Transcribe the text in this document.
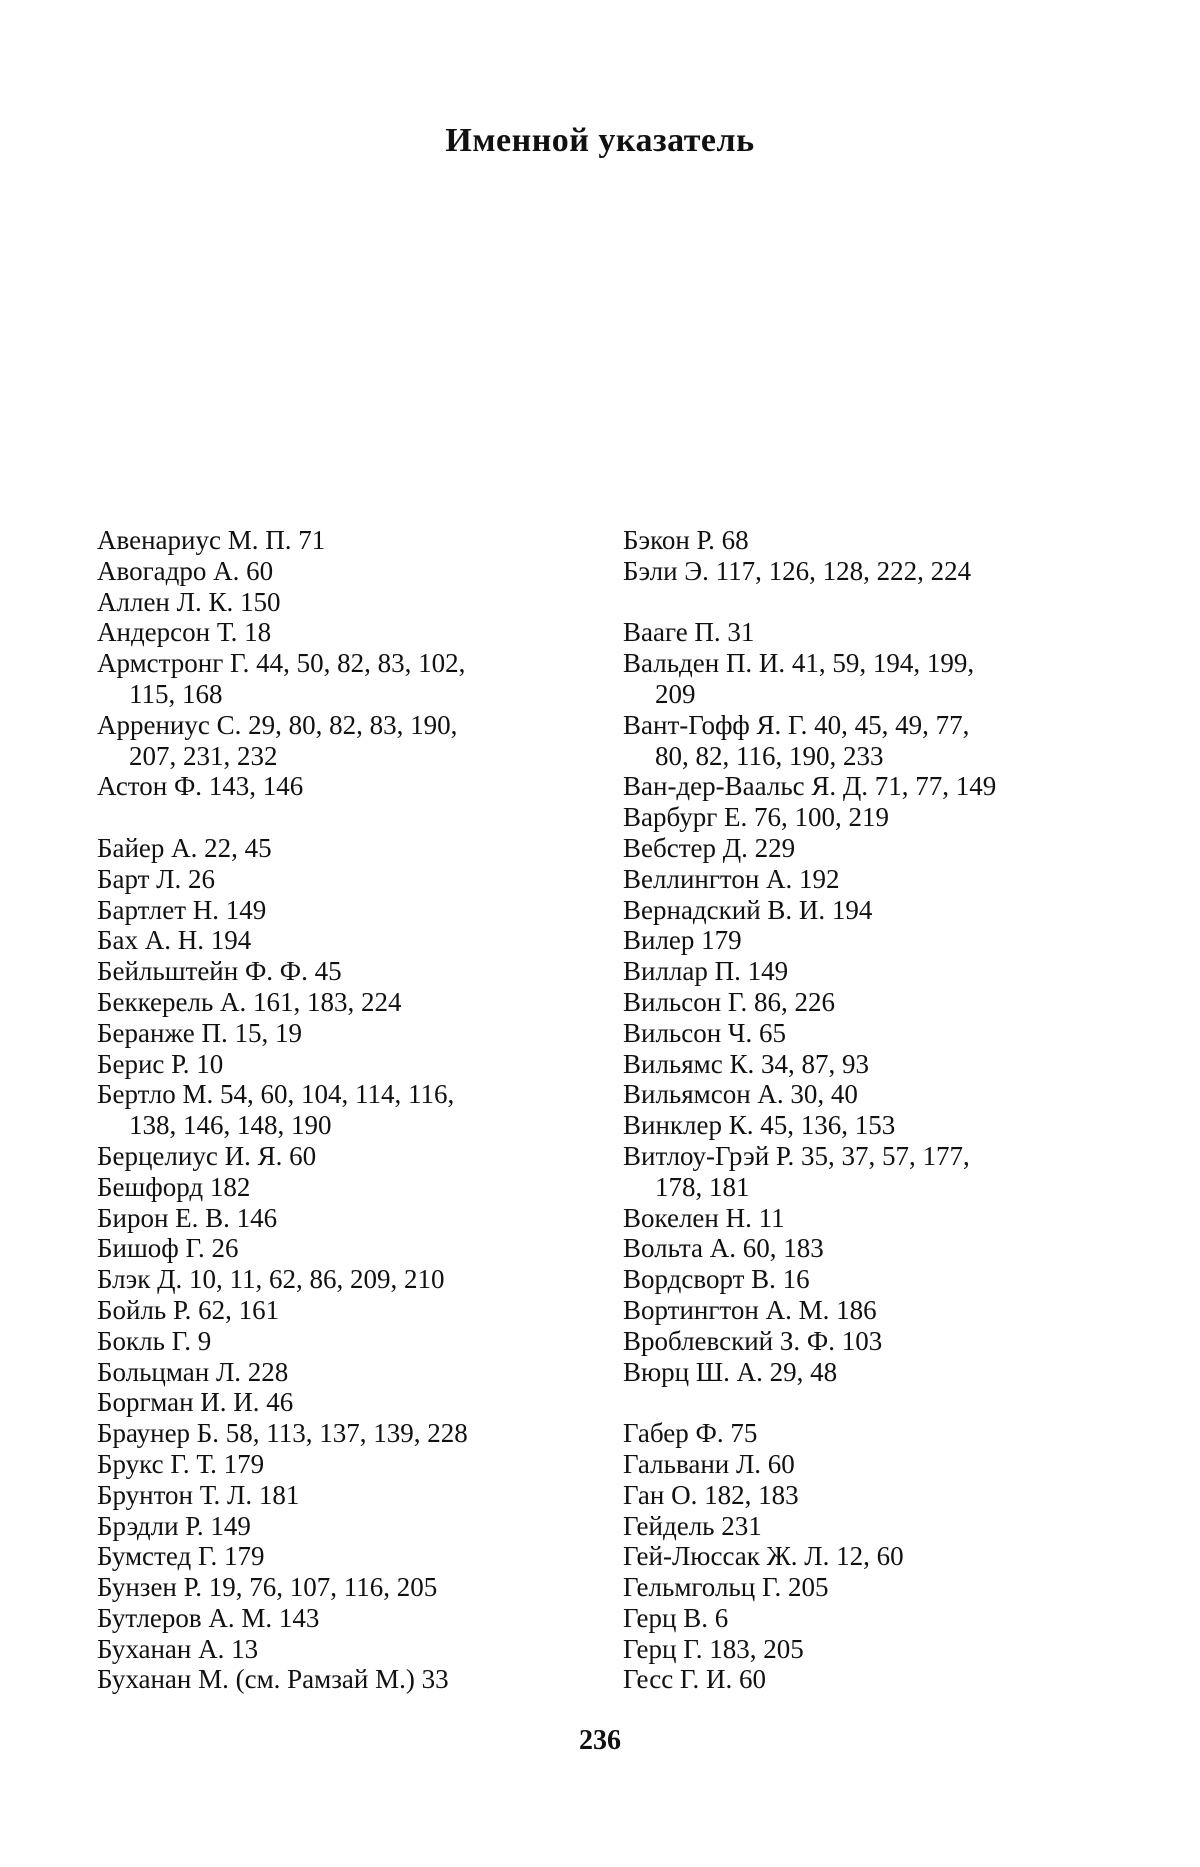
Именной указатель
Авенариус М. П. 71
Авогадро А. 60
Аллен Л. К. 150
Андерсон Т. 18
Армстронг Г. 44, 50, 82, 83, 102,
115, 168
Аррениус С. 29, 80, 82, 83, 190,
207, 231, 232
Астон Ф. 143, 146
Байер А. 22, 45
Барт Л. 26
Бартлет Н. 149
Бах А. Н. 194
Бейльштейн Ф. Ф. 45
Беккерель А. 161, 183, 224
Беранже П. 15, 19
Берис Р. 10
Бертло М. 54, 60, 104, 114, 116,
138, 146, 148, 190
Берцелиус И. Я. 60
Бешфорд 182
Бирон Е. В. 146
Бишоф Г. 26
Блэк Д. 10, 11, 62, 86, 209, 210
Бойль Р. 62, 161
Бокль Г. 9
Больцман Л. 228
Боргман И. И. 46
Браунер Б. 58, 113, 137, 139, 228
Брукс Г. Т. 179
Брунтон Т. Л. 181
Брэдли Р. 149
Бумстед Г. 179
Бунзен Р. 19, 76, 107, 116, 205
Бутлеров А. М. 143
Буханан А. 13
Буханан М. (см. Рамзай М.) 33
Бэкон Р. 68
Бэли Э. 117, 126, 128, 222, 224
Вааге П. 31
Вальден П. И. 41, 59, 194, 199,
209
Вант-Гофф Я. Г. 40, 45, 49, 77,
80, 82, 116, 190, 233
Ван-дер-Ваальс Я. Д. 71, 77, 149
Варбург Е. 76, 100, 219
Вебстер Д. 229
Веллингтон А. 192
Вернадский В. И. 194
Вилер 179
Виллар П. 149
Вильсон Г. 86, 226
Вильсон Ч. 65
Вильямс К. 34, 87, 93
Вильямсон А. 30, 40
Винклер К. 45, 136, 153
Витлоу-Грэй Р. 35, 37, 57, 177,
178, 181
Вокелен Н. 11
Вольта А. 60, 183
Вордсворт В. 16
Вортингтон А. М. 186
Вроблевский З. Ф. 103
Вюрц Ш. А. 29, 48
Габер Ф. 75
Гальвани Л. 60
Ган О. 182, 183
Гейдель 231
Гей-Люссак Ж. Л. 12, 60
Гельмгольц Г. 205
Герц В. 6
Герц Г. 183, 205
Гесс Г. И. 60
236
